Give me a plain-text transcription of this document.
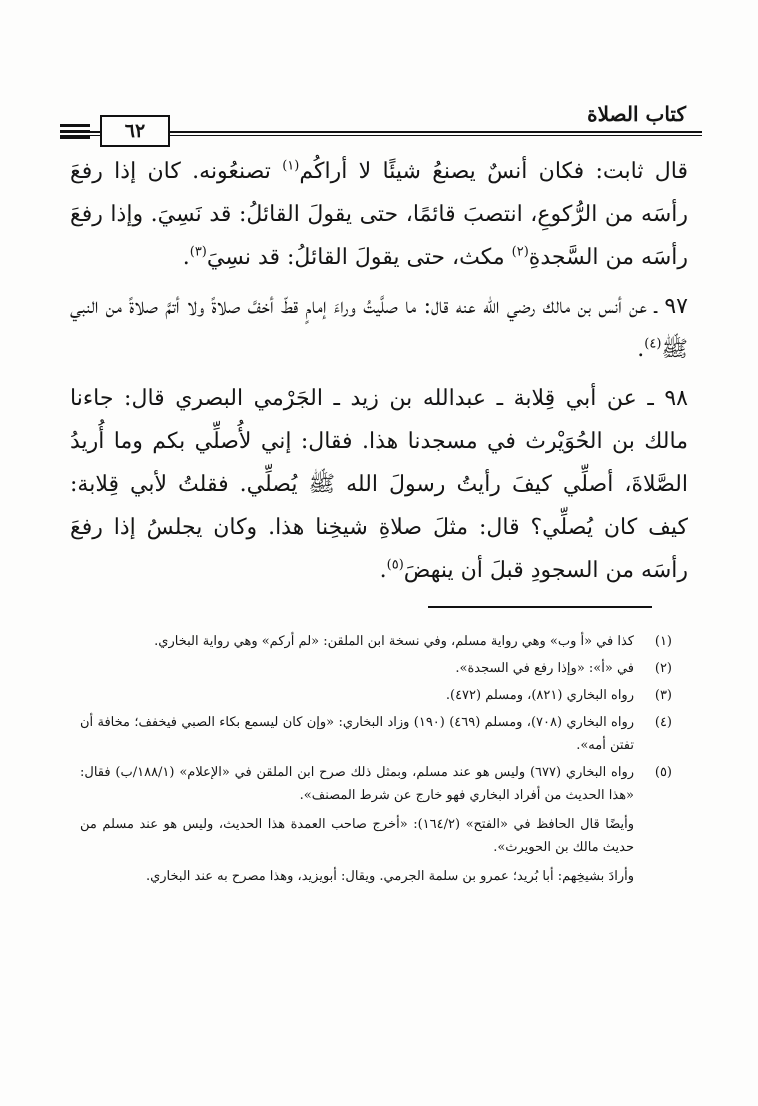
كتاب الصلاة
٦٢

قال ثابت: فكان أنسٌ يصنعُ شيئًا لا أراكُم$^{(١)}$ تصنعُونه. كان إذا رفعَ رأسَه من الرُّكوعِ، انتصبَ قائمًا، حتى يقولَ القائلُ: قد نَسِيَ. وإذا رفعَ رأسَه من السَّجدةِ$^{(٢)}$ مكث، حتى يقولَ القائلُ: قد نسِيَ$^{(٣)}$.

٩٧ ـ عن أنس بن مالك رضي الله عنه قال: ما صلَّيتُ وراءَ إمامٍ قطّ أخفَّ صلاةً ولا أتمَّ صلاةً من النبي ﷺ$^{(٤)}$.

٩٨ ـ عن أبي قِلابة ـ عبدالله بن زيد ـ الجَرْمي البصري قال: جاءنا مالك بن الحُوَيْرث في مسجدنا هذا. فقال: إني لأُصلِّي بكم وما أُريدُ الصَّلاةَ، أصلِّي كيفَ رأيتُ رسولَ الله ﷺ يُصلِّي. فقلتُ لأبي قِلابة: كيف كان يُصلِّي؟ قال: مثلَ صلاةِ شيخِنا هذا. وكان يجلسُ إذا رفعَ رأسَه من السجودِ قبلَ أن ينهضَ$^{(٥)}$.

(١)

كذا في «أ وب» وهي رواية مسلم، وفي نسخة ابن الملقن: «لم أركم» وهي رواية البخاري.

(٢)

في «أ»: «وإذا رفع في السجدة».

(٣)

رواه البخاري (٨٢١)، ومسلم (٤٧٢).

(٤)

رواه البخاري (٧٠٨)، ومسلم (٤٦٩) (١٩٠) وزاد البخاري: «وإن كان ليسمع بكاء الصبي فيخفف؛ مخافة أن تفتن أمه».

(٥)

رواه البخاري (٦٧٧) وليس هو عند مسلم، وبمثل ذلك صرح ابن الملقن في «الإعلام» (١٨٨/١/ب) فقال: «هذا الحديث من أفراد البخاري فهو خارج عن شرط المصنف».

وأيضًا قال الحافظ في «الفتح» (١٦٤/٢): «أخرج صاحب العمدة هذا الحديث، وليس هو عند مسلم من حديث مالك بن الحويرث».

وأرادَ بشيخِهم: أبا بُريد؛ عمرو بن سلمة الجرمي. ويقال: أبويزيد، وهذا مصرح به عند البخاري.
